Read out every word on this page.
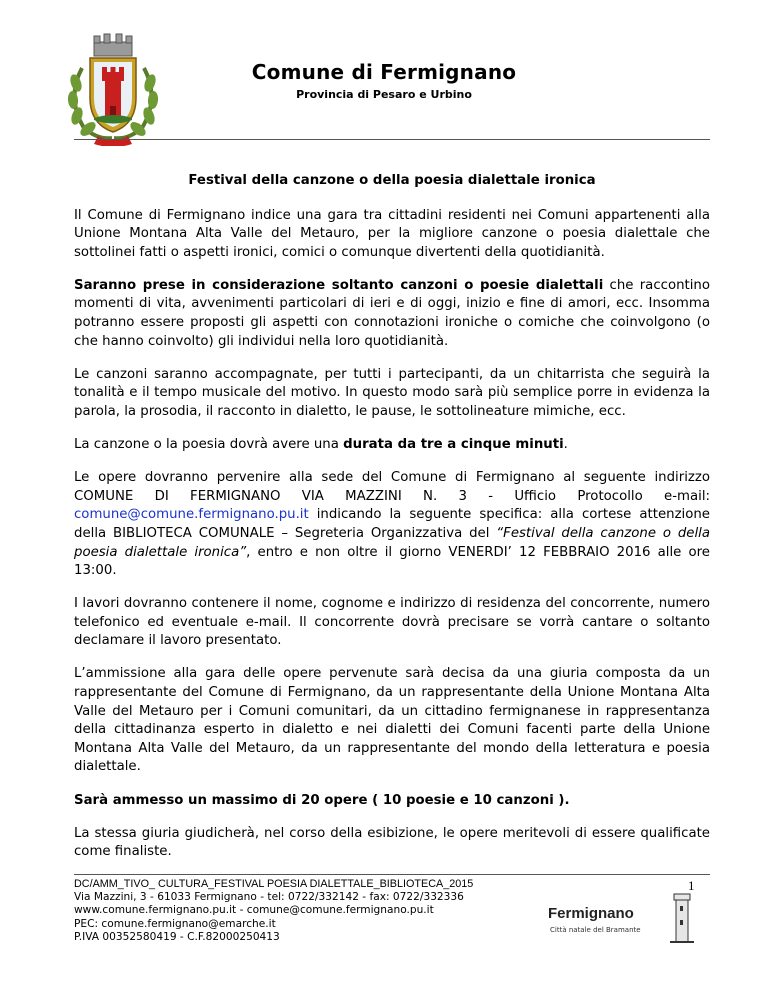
Comune di Fermignano
Provincia di Pesaro e Urbino

Festival della canzone o della poesia dialettale ironica

Il Comune di Fermignano indice una gara tra cittadini residenti nei Comuni appartenenti alla Unione Montana Alta Valle del Metauro, per la migliore canzone o poesia dialettale che sottolinei fatti o aspetti ironici, comici o comunque divertenti della quotidianità.

Saranno prese in considerazione soltanto canzoni o poesie dialettali che raccontino momenti di vita, avvenimenti particolari di ieri e di oggi, inizio e fine di amori, ecc. Insomma potranno essere proposti gli aspetti con connotazioni ironiche o comiche che coinvolgono (o che hanno coinvolto) gli individui nella loro quotidianità.

Le canzoni saranno accompagnate, per tutti i partecipanti, da un chitarrista che seguirà la tonalità e il tempo musicale del motivo. In questo modo sarà più semplice porre in evidenza la parola, la prosodia, il racconto in dialetto, le pause, le sottolineature mimiche, ecc.

La canzone o la poesia dovrà avere una durata da tre a cinque minuti.

Le opere dovranno pervenire alla sede del Comune di Fermignano al seguente indirizzo COMUNE DI FERMIGNANO VIA MAZZINI N. 3 - Ufficio Protocollo e-mail: comune@comune.fermignano.pu.it indicando la seguente specifica: alla cortese attenzione della BIBLIOTECA COMUNALE – Segreteria Organizzativa del “Festival della canzone o della poesia dialettale ironica”, entro e non oltre il giorno VENERDI’ 12 FEBBRAIO 2016 alle ore 13:00.

I lavori dovranno contenere il nome, cognome e indirizzo di residenza del concorrente, numero telefonico ed eventuale e-mail. Il concorrente dovrà precisare se vorrà cantare o soltanto declamare il lavoro presentato.

L’ammissione alla gara delle opere pervenute sarà decisa da una giuria composta da un rappresentante del Comune di Fermignano, da un rappresentante della Unione Montana Alta Valle del Metauro per i Comuni comunitari, da un cittadino fermignanese in rappresentanza della cittadinanza esperto in dialetto e nei dialetti dei Comuni facenti parte della Unione Montana Alta Valle del Metauro, da un rappresentante del mondo della letteratura e poesia dialettale.

Sarà ammesso un massimo di 20 opere ( 10 poesie e 10 canzoni ).

La stessa giuria giudicherà, nel corso della esibizione, le opere meritevoli di essere qualificate come finaliste.

DC/AMM_TIVO_ CULTURA_FESTIVAL POESIA DIALETTALE_BIBLIOTECA_2015
Via Mazzini, 3 - 61033 Fermignano - tel: 0722/332142 - fax: 0722/332336
www.comune.fermignano.pu.it - comune@comune.fermignano.pu.it
PEC: comune.fermignano@emarche.it
P.IVA 00352580419 - C.F.82000250413
1
Fermignano
Città natale del Bramante
